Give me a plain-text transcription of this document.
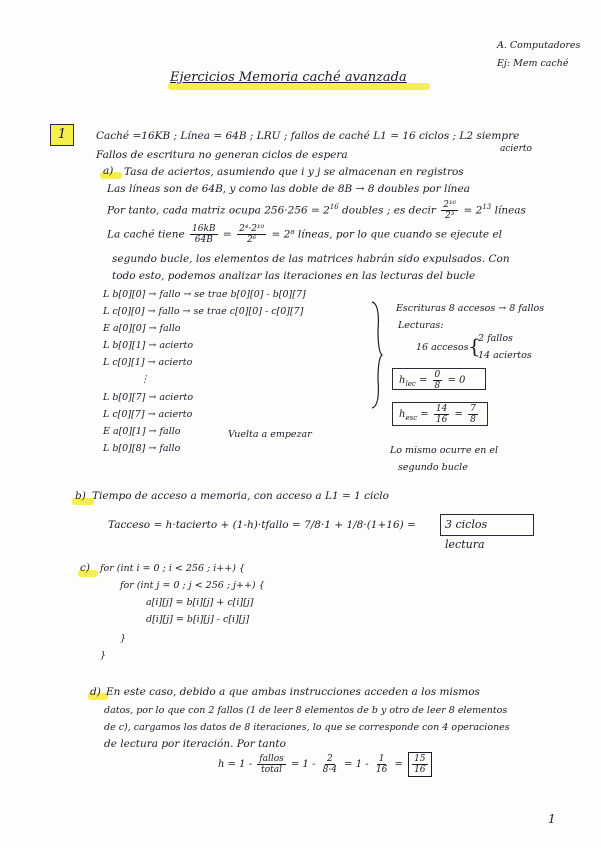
A. Computadores
Ej: Mem caché
Ejercicios Memoria caché avanzada
1	Caché =16KB ; Línea = 64B ; LRU ; fallos de caché L1 = 16 ciclos ; L2 siempre
acierto
Fallos de escritura no generan ciclos de espera
a) Tasa de aciertos, asumiendo que i y j se almacenan en registros
Las líneas son de 64B, y como las doble de 8B → 8 doubles por línea
Por tanto, cada matriz ocupa $256\cdot 256 = 2^{16}$ doubles ; es decir $\frac{\text{2¹⁶}}{\text{2³}} = 2^{13}$ líneas
La caché tiene $\frac{16kB}{64B} = \frac{\text{2⁴·2¹⁰}}{\text{2⁶}} = 2^8$ líneas, por lo que cuando se ejecute el
segundo bucle, los elementos de las matrices habrán sido expulsados. Con
todo esto, podemos analizar las iteraciones en las lecturas del bucle
L b[0][0] → fallo → se trae b[0][0] - b[0][7]
L c[0][0] → fallo → se trae c[0][0] - c[0][7]
E a[0][0] → fallo
L b[0][1] → acierto
L c[0][1] → acierto
⋮
L b[0][7] → acierto
L c[0][7] → acierto
E a[0][1] → fallo
L b[0][8] → fallo
Vuelta a empezar
Escrituras 8 accesos → 8 fallos
Lecturas:
2 fallos
16 accesos {
14 aciertos
$h_{lec} = \frac{0}{8} = 0$
$h_{esc} = \frac{14}{16} = \frac{7}{8}$
Lo mismo ocurre en el
segundo bucle
b) Tiempo de acceso a memoria, con acceso a L1 = 1 ciclo
Tacceso = h·tacierto + (1-h)·tfallo = 7/8·1 + 1/8·(1+16) =	3 ciclos lectura
c) for (int i = 0 ; i < 256 ; i++) {
for (int j = 0 ; j < 256 ; j++) {
a[i][j] = b[i][j] + c[i][j]
d[i][j] = b[i][j] - c[i][j]
}
}
d) En este caso, debido a que ambas instrucciones acceden a los mismos
datos, por lo que con 2 fallos (1 de leer 8 elementos de b y otro de leer 8 elementos
de c), cargamos los datos de 8 iteraciones, lo que se corresponde con 4 operaciones
de lectura por iteración. Por tanto
$h = 1 - \frac{\text{fallos}}{\text{total}} = 1 - \frac{2}{8\cdot 4} = 1 - \frac{1}{16} = \frac{15}{16}$
1
